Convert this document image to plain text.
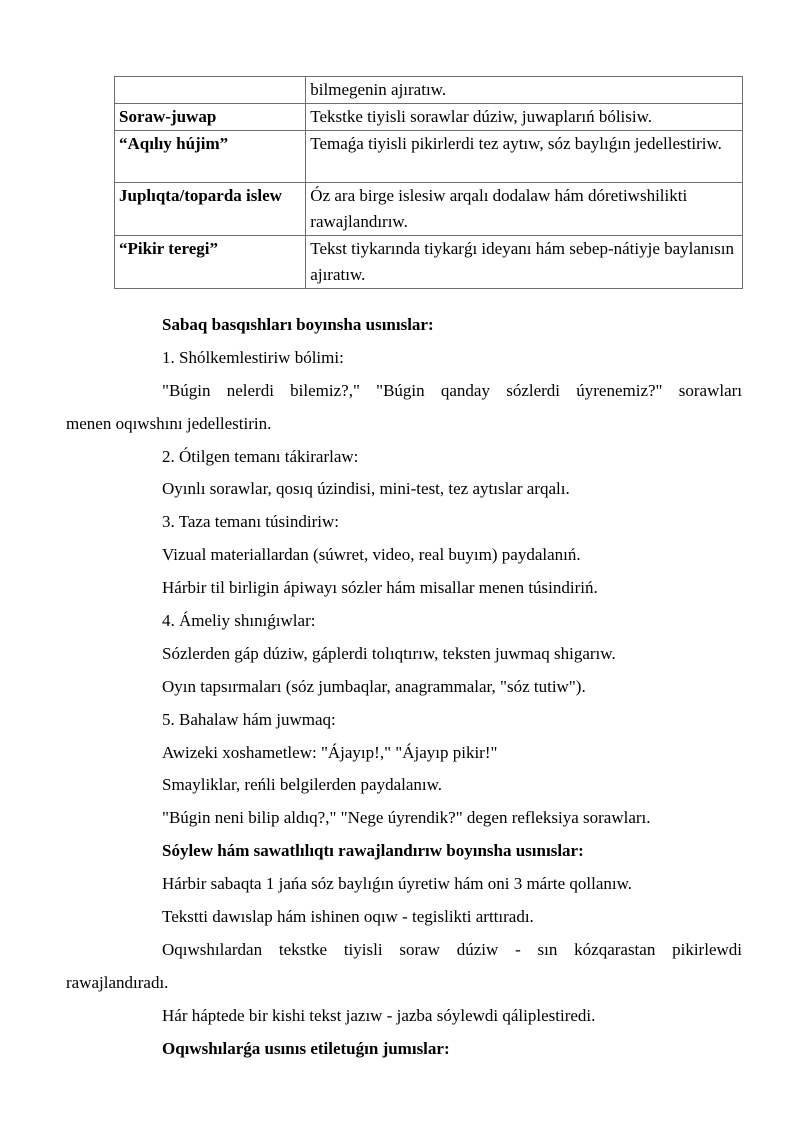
	bilmegenin ajıratıw.
Soraw-juwap	Tekstke tiyisli sorawlar dúziw, juwaplarıń bólisiw.
“Aqılıy hújim”	Temaǵa tiyisli pikirlerdi tez aytıw, sóz baylıǵın jedellestiriw.
Juplıqta/toparda islew	Óz ara birge islesiw arqalı dodalaw hám dóretiwshilikti rawajlandırıw.
“Pikir teregi”	Tekst tiykarında tiykarǵı ideyanı hám sebep-nátiyje baylanısın ajıratıw.

Sabaq basqıshları boyınsha usınıslar:

1. Shólkemlestiriw bólimi:

"Búgin nelerdi bilemiz?," "Búgin qanday sózlerdi úyrenemiz?" sorawları

menen oqıwshını jedellestirin.

2. Ótilgen temanı tákirarlaw:

Oyınlı sorawlar, qosıq úzindisi, mini-test, tez aytıslar arqalı.

3. Taza temanı túsindiriw:

Vizual materiallardan (súwret, video, real buyım) paydalanıń.

Hárbir til birligin ápiwayı sózler hám misallar menen túsindiriń.

4. Ámeliy shınıǵıwlar:

Sózlerden gáp dúziw, gáplerdi tolıqtırıw, teksten juwmaq shigarıw.

Oyın tapsırmaları (sóz jumbaqlar, anagrammalar, "sóz tutiw").

5. Bahalaw hám juwmaq:

Awizeki xoshametlew: "Ájayıp!," "Ájayıp pikir!"

Smayliklar, reńli belgilerden paydalanıw.

"Búgin neni bilip aldıq?," "Nege úyrendik?" degen refleksiya sorawları.

Sóylew hám sawatlılıqtı rawajlandırıw boyınsha usınıslar:

Hárbir sabaqta 1 jańa sóz baylıǵın úyretiw hám oni 3 márte qollanıw.

Tekstti dawıslap hám ishinen oqıw - tegislikti arttıradı.

Oqıwshılardan tekstke tiyisli soraw dúziw - sın kózqarastan pikirlewdi

rawajlandıradı.

Hár háptede bir kishi tekst jazıw - jazba sóylewdi qáliplestiredi.

Oqıwshılarǵa usınıs etiletuǵın jumıslar:
